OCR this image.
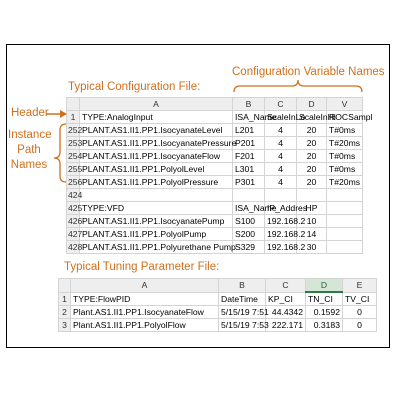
Configuration Variable Names
Typical Configuration File:
Header
Instance
Path
Names
Typical Tuning Parameter File:
	A	B	C	D	V
1	TYPE:AnalogInput	ISA_Name	ScaleInLo	ScaleInHi	ROCSampl
252	PLANT.AS1.II1.PP1.IsocyanateLevel	L201	4	20	T#0ms
253	PLANT.AS1.II1.PP1.IsocyanatePressure	P201	4	20	T#20ms
254	PLANT.AS1.II1.PP1.IsocyanateFlow	F201	4	20	T#0ms
255	PLANT.AS1.II1.PP1.PolyolLevel	L301	4	20	T#0ms
256	PLANT.AS1.II1.PP1.PolyolPressure	P301	4	20	T#20ms
424					
425	TYPE:VFD	ISA_Name	IP_Addres	HP	
426	PLANT.AS1.II1.PP1.IsocyanatePump	S100	192.168.2	10	
427	PLANT.AS1.II1.PP1.PolyolPump	S200	192.168.2	14	
428	PLANT.AS1.II1.PP1.Polyurethane Pump	S329	192.168.2	30	
	A	B	C	D	E
1	TYPE:FlowPID	DateTime	KP_CI	TN_CI	TV_CI
2	Plant.AS1.II1.PP1.IsocyanateFlow	5/15/19 7:51	44.4342	0.1592	0
3	Plant.AS1.II1.PP1.PolyolFlow	5/15/19 7:53	222.171	0.3183	0
